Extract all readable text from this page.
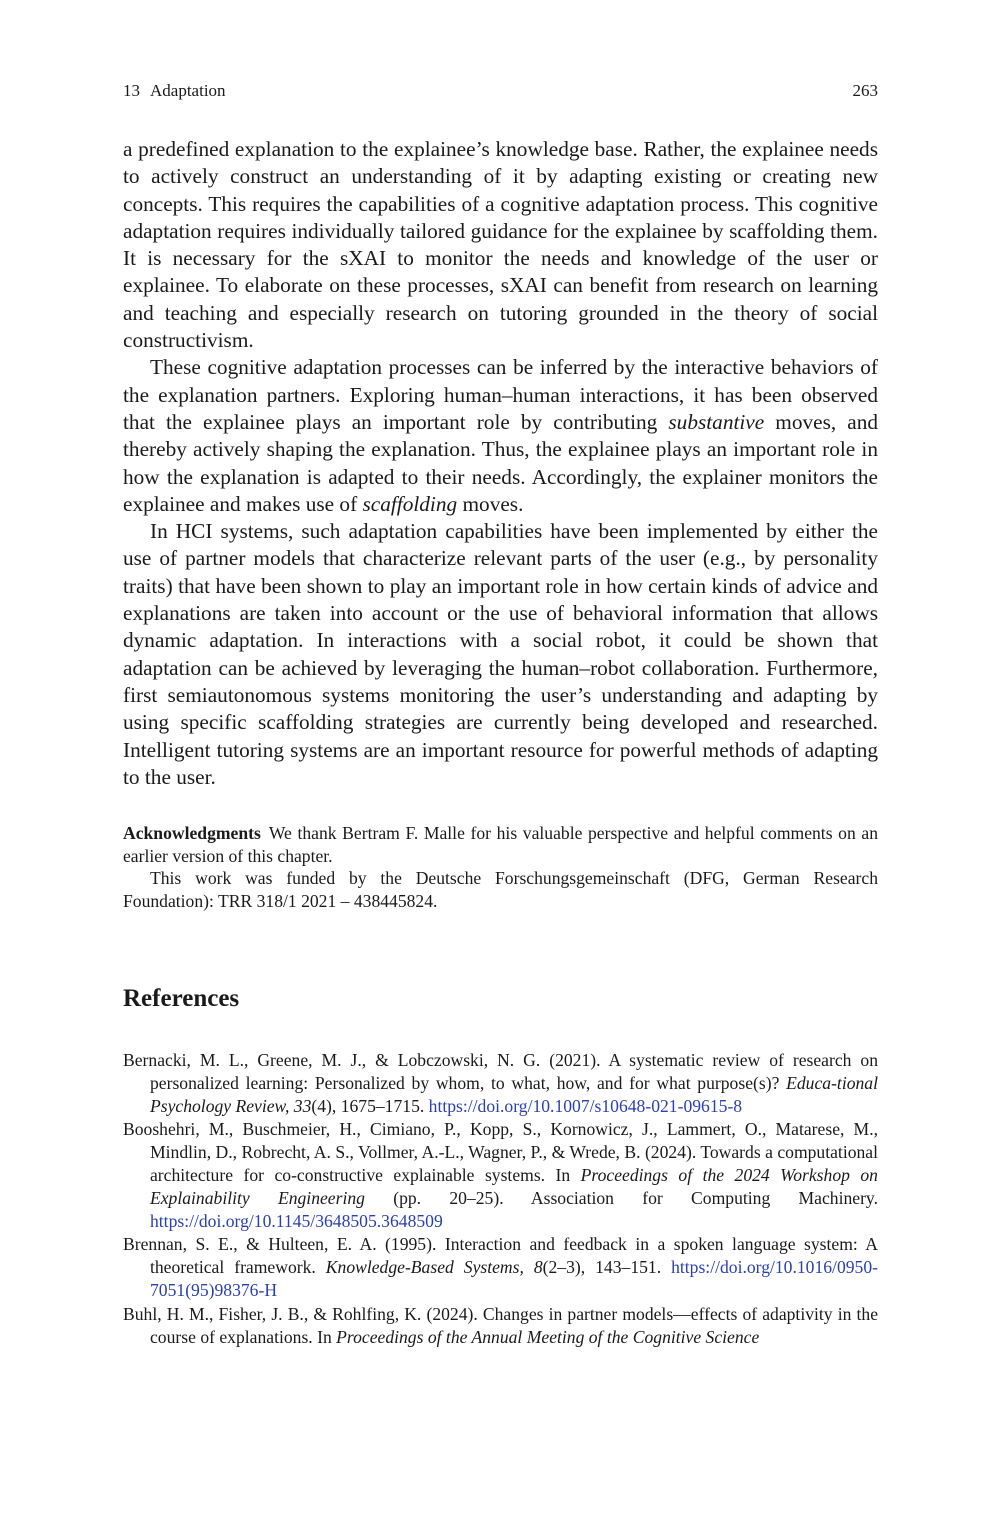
13 Adaptation	263

a predefined explanation to the explainee’s knowledge base. Rather, the explainee needs to actively construct an understanding of it by adapting existing or creating new concepts. This requires the capabilities of a cognitive adaptation process. This cognitive adaptation requires individually tailored guidance for the explainee by scaffolding them. It is necessary for the sXAI to monitor the needs and knowledge of the user or explainee. To elaborate on these processes, sXAI can benefit from research on learning and teaching and especially research on tutoring grounded in the theory of social constructivism.

These cognitive adaptation processes can be inferred by the interactive behaviors of the explanation partners. Exploring human–human interactions, it has been observed that the explainee plays an important role by contributing substantive moves, and thereby actively shaping the explanation. Thus, the explainee plays an important role in how the explanation is adapted to their needs. Accordingly, the explainer monitors the explainee and makes use of scaffolding moves.

In HCI systems, such adaptation capabilities have been implemented by either the use of partner models that characterize relevant parts of the user (e.g., by personality traits) that have been shown to play an important role in how certain kinds of advice and explanations are taken into account or the use of behavioral information that allows dynamic adaptation. In interactions with a social robot, it could be shown that adaptation can be achieved by leveraging the human–robot collaboration. Furthermore, first semiautonomous systems monitoring the user’s understanding and adapting by using specific scaffolding strategies are currently being developed and researched. Intelligent tutoring systems are an important resource for powerful methods of adapting to the user.

Acknowledgments We thank Bertram F. Malle for his valuable perspective and helpful comments on an earlier version of this chapter.

This work was funded by the Deutsche Forschungsgemeinschaft (DFG, German Research Foundation): TRR 318/1 2021 – 438445824.

References

Bernacki, M. L., Greene, M. J., & Lobczowski, N. G. (2021). A systematic review of research on personalized learning: Personalized by whom, to what, how, and for what purpose(s)? Educa-tional Psychology Review, 33(4), 1675–1715. https://doi.org/10.1007/s10648-021-09615-8

Booshehri, M., Buschmeier, H., Cimiano, P., Kopp, S., Kornowicz, J., Lammert, O., Matarese, M., Mindlin, D., Robrecht, A. S., Vollmer, A.-L., Wagner, P., & Wrede, B. (2024). Towards a computational architecture for co-constructive explainable systems. In Proceedings of the 2024 Workshop on Explainability Engineering (pp. 20–25). Association for Computing Machinery. https://doi.org/10.1145/3648505.3648509

Brennan, S. E., & Hulteen, E. A. (1995). Interaction and feedback in a spoken language system: A theoretical framework. Knowledge-Based Systems, 8(2–3), 143–151. https://doi.org/10.1016/0950-7051(95)98376-H

Buhl, H. M., Fisher, J. B., & Rohlfing, K. (2024). Changes in partner models—effects of adaptivity in the course of explanations. In Proceedings of the Annual Meeting of the Cognitive Science
